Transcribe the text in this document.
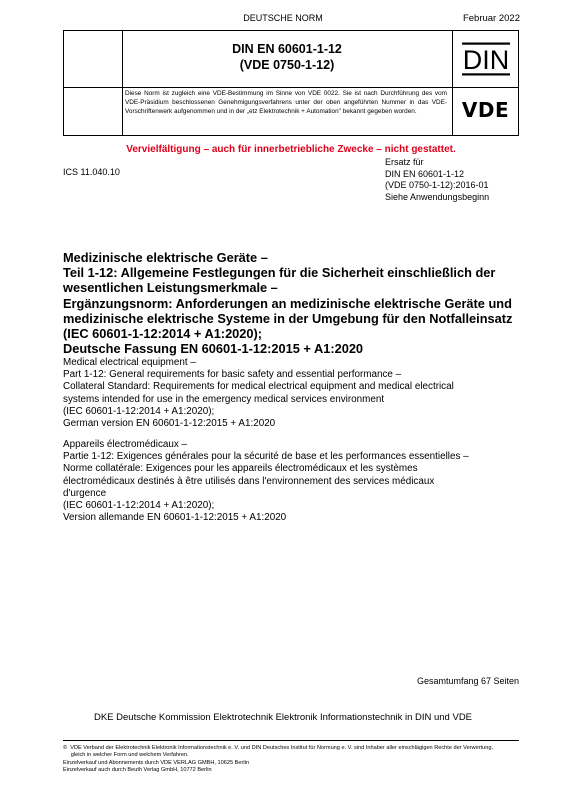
DEUTSCHE NORM	Februar 2022
DIN EN 60601-1-12
(VDE 0750-1-12)	DIN
Diese Norm ist zugleich eine VDE-Bestimmung im Sinne von VDE 0022. Sie ist nach Durchführung des vom VDE-Präsidium beschlossenen Genehmigungsverfahrens unter der oben angeführten Nummer in das VDE-Vorschriftenwerk aufgenommen und in der „etz Elektrotechnik + Automation" bekannt gegeben worden.	VDE
Vervielfältigung – auch für innerbetriebliche Zwecke – nicht gestattet.
ICS 11.040.10
Ersatz für
DIN EN 60601-1-12
(VDE 0750-1-12):2016-01
Siehe Anwendungsbeginn
Medizinische elektrische Geräte –
Teil 1-12: Allgemeine Festlegungen für die Sicherheit einschließlich der
wesentlichen Leistungsmerkmale –
Ergänzungsnorm: Anforderungen an medizinische elektrische Geräte und
medizinische elektrische Systeme in der Umgebung für den Notfalleinsatz
(IEC 60601-1-12:2014 + A1:2020);
Deutsche Fassung EN 60601-1-12:2015 + A1:2020
Medical electrical equipment –
Part 1-12: General requirements for basic safety and essential performance –
Collateral Standard: Requirements for medical electrical equipment and medical electrical
systems intended for use in the emergency medical services environment
(IEC 60601-1-12:2014 + A1:2020);
German version EN 60601-1-12:2015 + A1:2020
Appareils électromédicaux –
Partie 1-12: Exigences générales pour la sécurité de base et les performances essentielles –
Norme collatérale: Exigences pour les appareils électromédicaux et les systèmes
électromédicaux destinés à être utilisés dans l'environnement des services médicaux
d'urgence
(IEC 60601-1-12:2014 + A1:2020);
Version allemande EN 60601-1-12:2015 + A1:2020
Gesamtumfang 67 Seiten
DKE Deutsche Kommission Elektrotechnik Elektronik Informationstechnik in DIN und VDE
©  VDE Verband der Elektrotechnik Elektronik Informationstechnik e. V. und DIN Deutsches Institut für Normung e. V. sind Inhaber aller einschlägigen Rechte der Verwertung,
gleich in welcher Form und welchem Verfahren.
Einzelverkauf und Abonnements durch VDE VERLAG GMBH, 10625 Berlin
Einzelverkauf auch durch Beuth Verlag GmbH, 10772 Berlin
